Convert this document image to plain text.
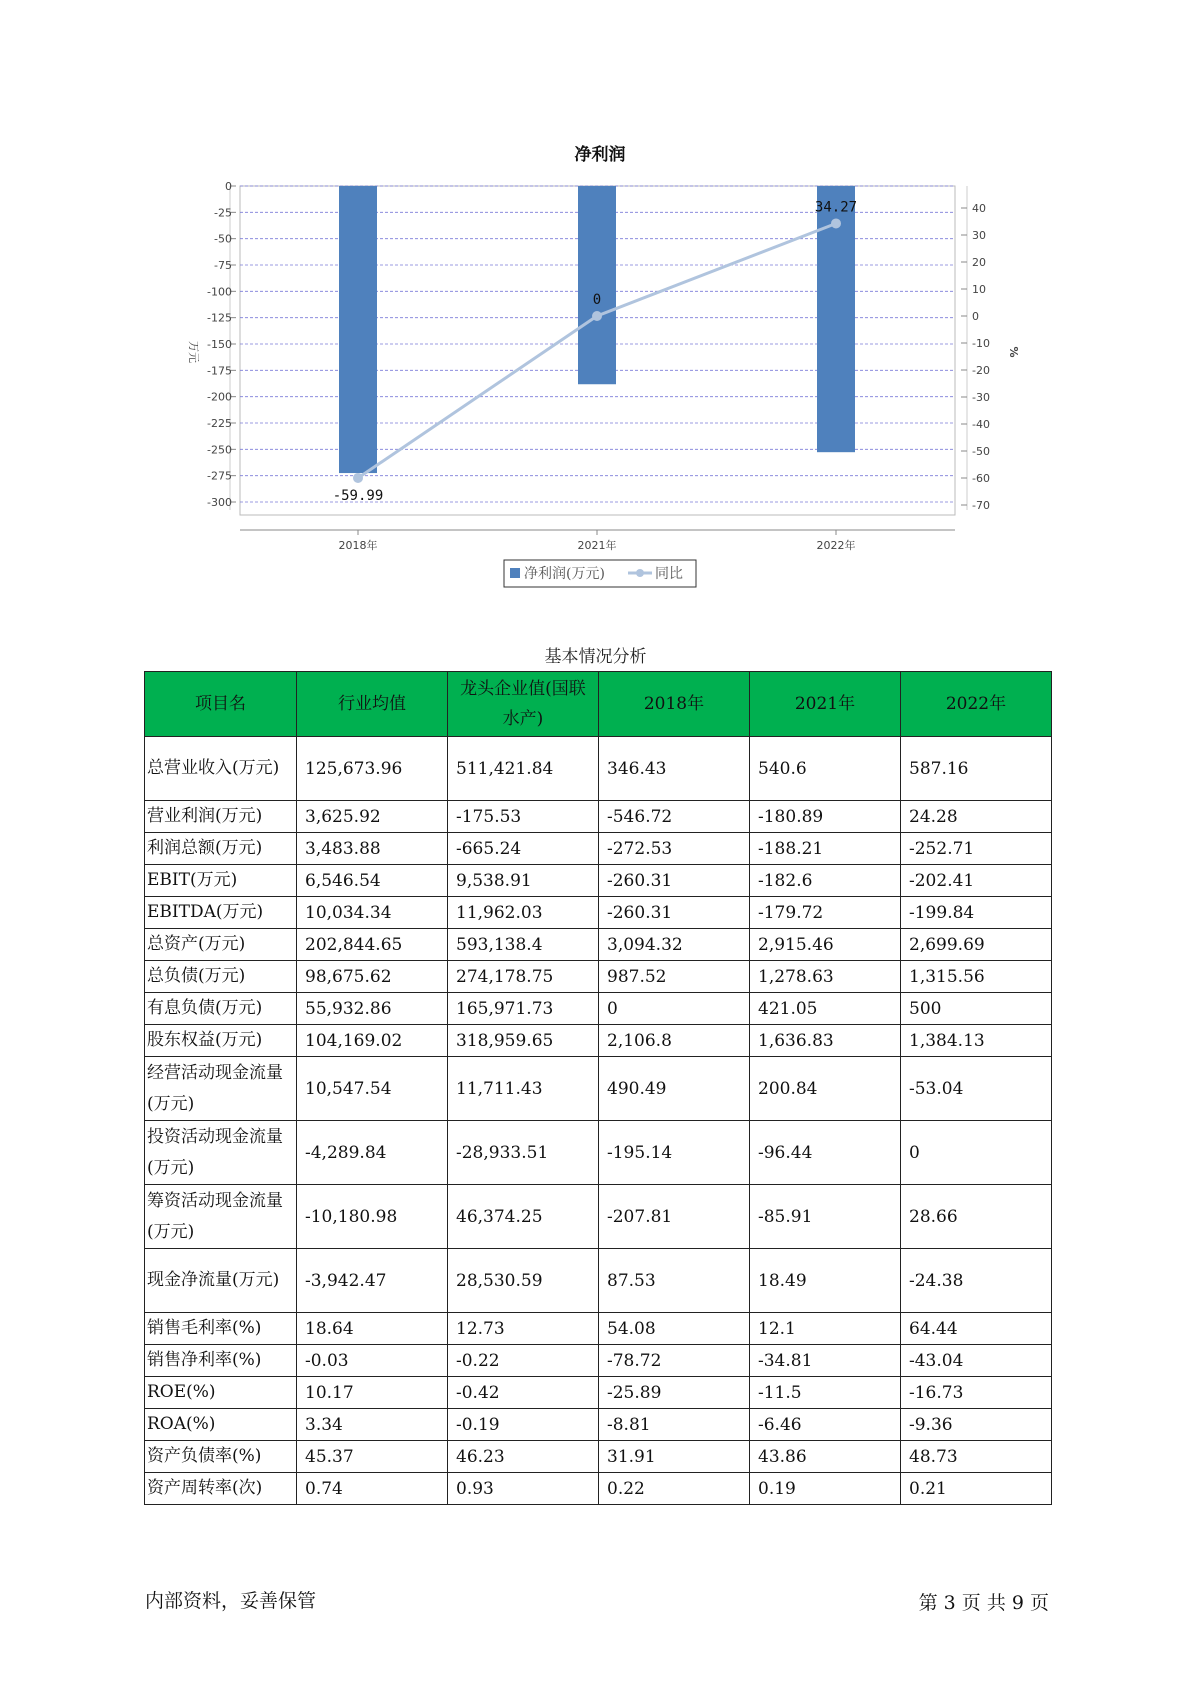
净利润
0
-25
-50
-75
-100
-125
-150
-175
-200
-225
-250
-275
-300
40
30
20
10
0
-10
-20
-30
-40
-50
-60
-70
万元	%
2018年	2021年	2022年
-59.99
0
34.27
净利润(万元)	同比
基本情况分析
项目名	行业均值	龙头企业值(国联水产)	2018年	2021年	2022年
总营业收入(万元)	125,673.96	511,421.84	346.43	540.6	587.16
营业利润(万元)	3,625.92	-175.53	-546.72	-180.89	24.28
利润总额(万元)	3,483.88	-665.24	-272.53	-188.21	-252.71
EBIT(万元)	6,546.54	9,538.91	-260.31	-182.6	-202.41
EBITDA(万元)	10,034.34	11,962.03	-260.31	-179.72	-199.84
总资产(万元)	202,844.65	593,138.4	3,094.32	2,915.46	2,699.69
总负债(万元)	98,675.62	274,178.75	987.52	1,278.63	1,315.56
有息负债(万元)	55,932.86	165,971.73	0	421.05	500
股东权益(万元)	104,169.02	318,959.65	2,106.8	1,636.83	1,384.13
经营活动现金流量(万元)	10,547.54	11,711.43	490.49	200.84	-53.04
投资活动现金流量(万元)	-4,289.84	-28,933.51	-195.14	-96.44	0
筹资活动现金流量(万元)	-10,180.98	46,374.25	-207.81	-85.91	28.66
现金净流量(万元)	-3,942.47	28,530.59	87.53	18.49	-24.38
销售毛利率(%)	18.64	12.73	54.08	12.1	64.44
销售净利率(%)	-0.03	-0.22	-78.72	-34.81	-43.04
ROE(%)	10.17	-0.42	-25.89	-11.5	-16.73
ROA(%)	3.34	-0.19	-8.81	-6.46	-9.36
资产负债率(%)	45.37	46.23	31.91	43.86	48.73
资产周转率(次)	0.74	0.93	0.22	0.19	0.21
内部资料，妥善保管	第 3 页 共 9 页
